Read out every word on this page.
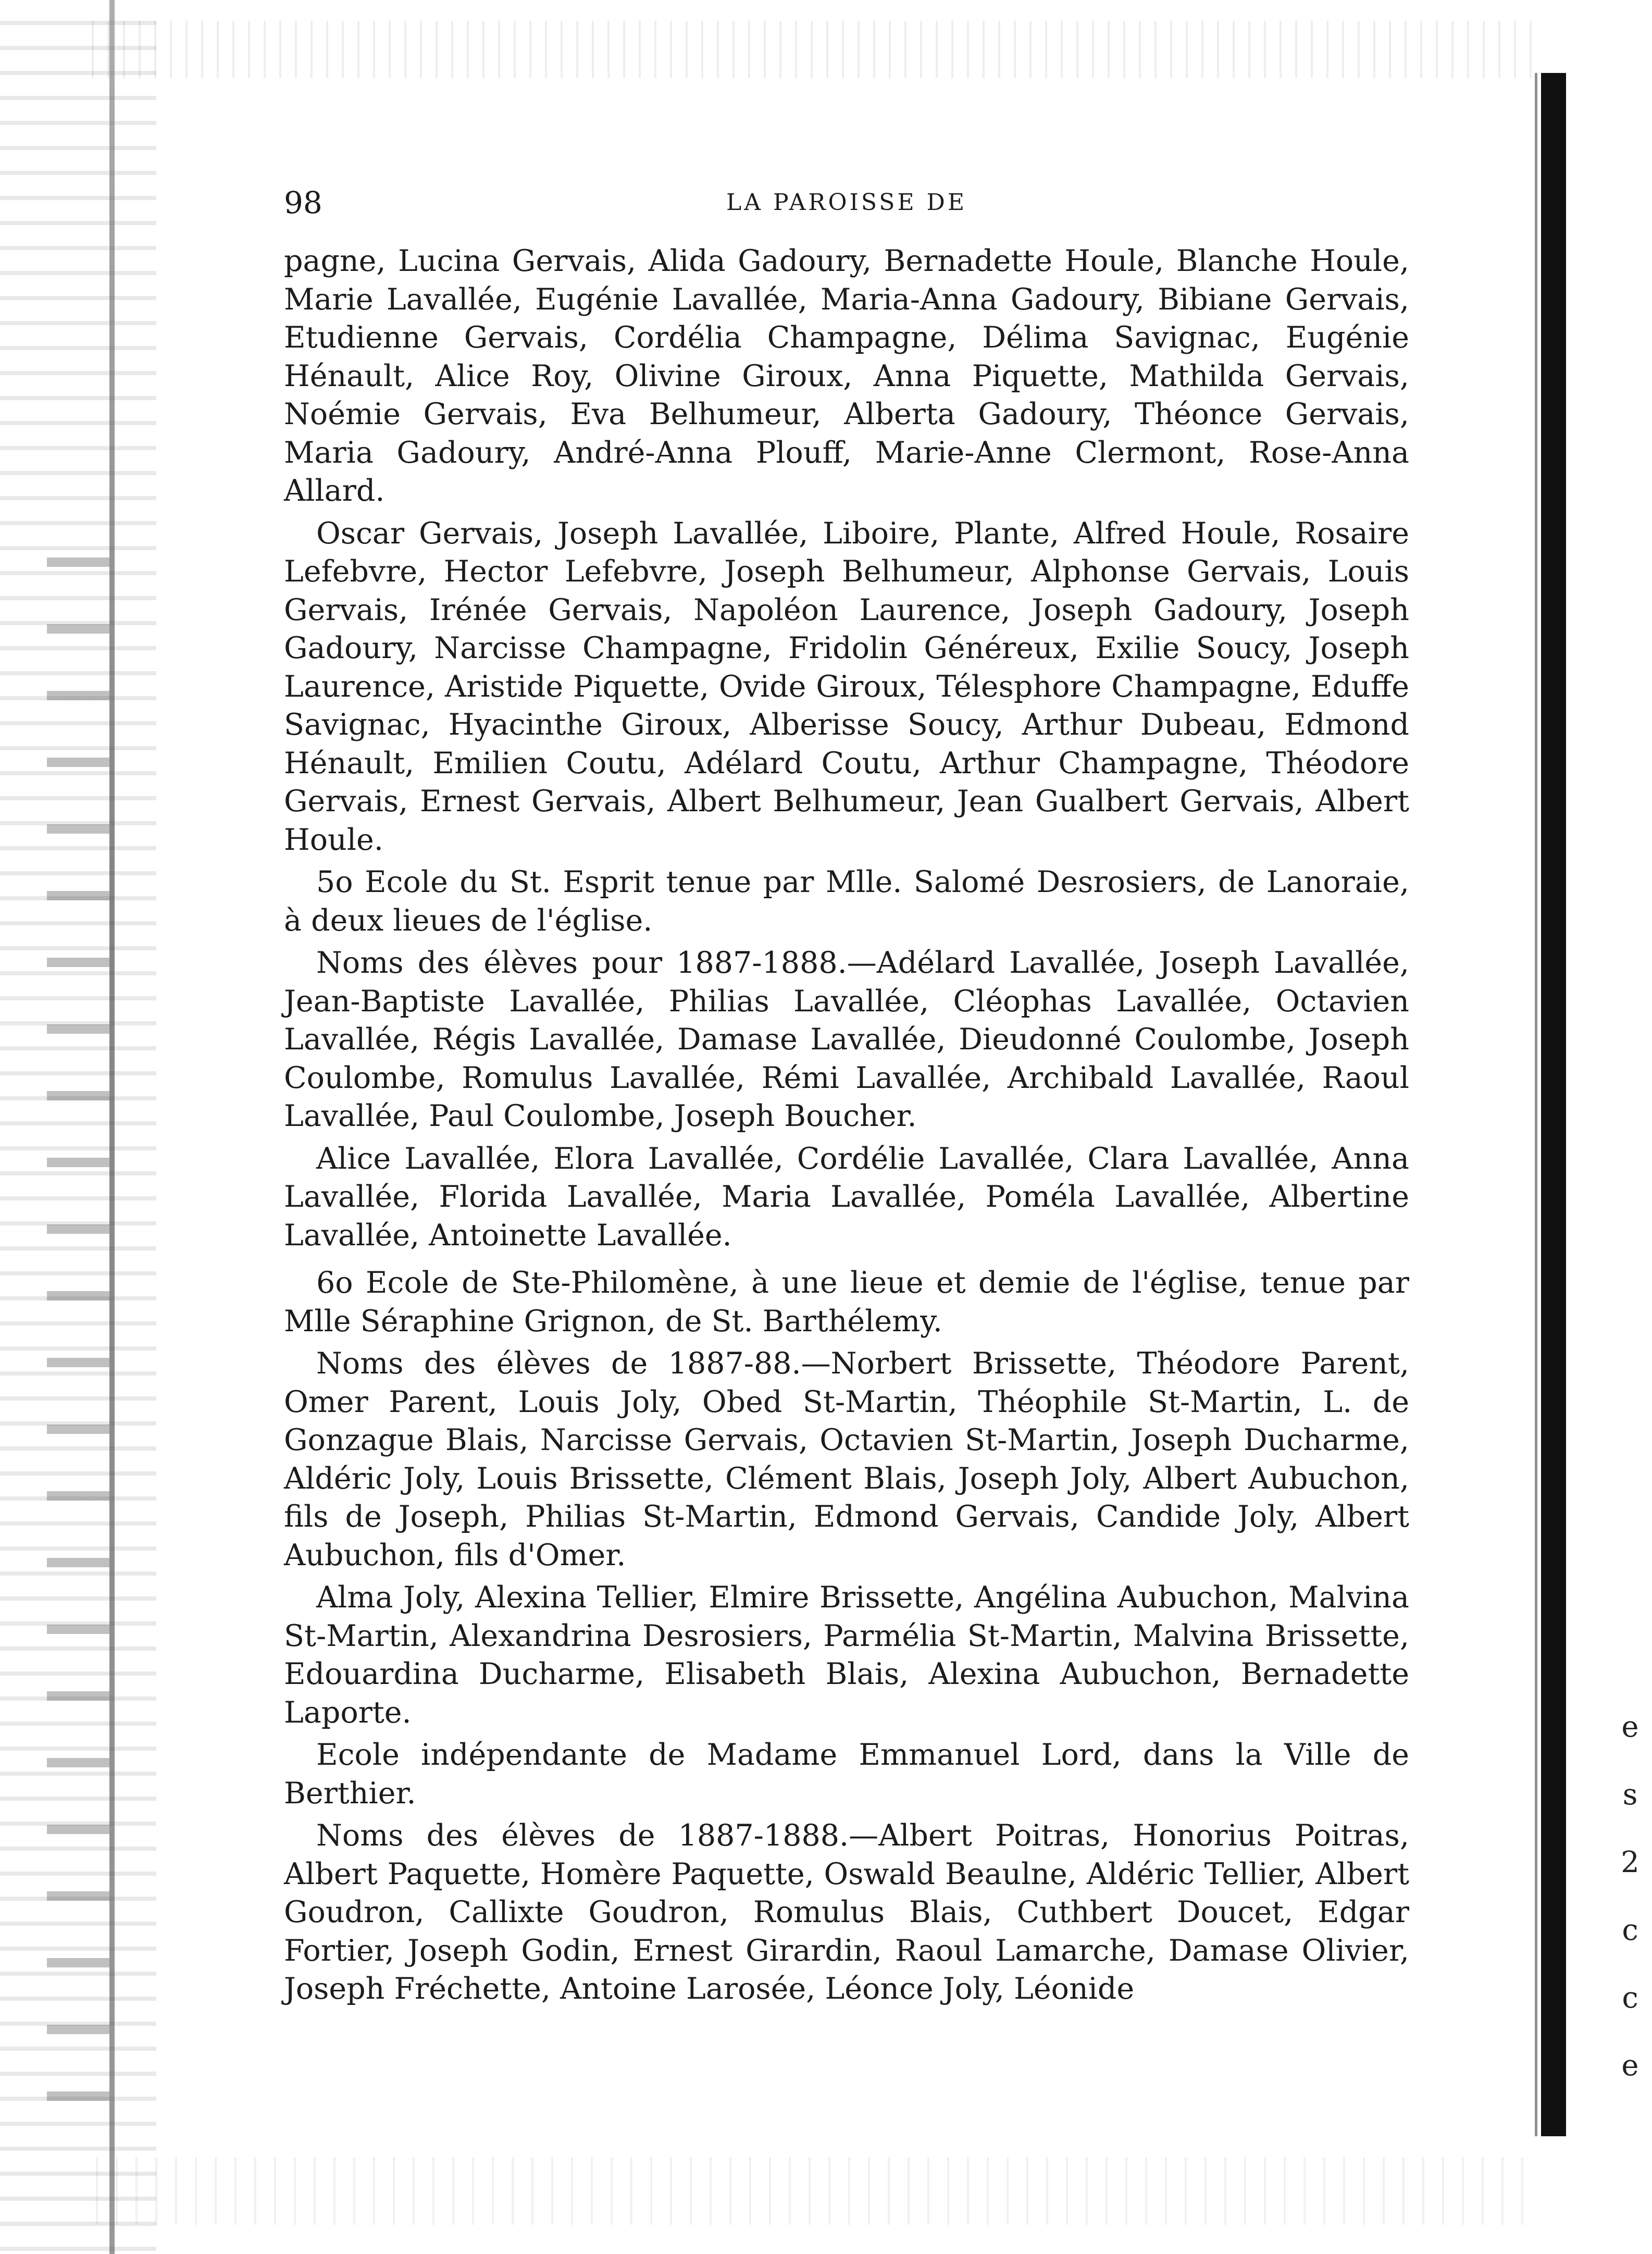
e
s
2
c
c
e
98	LA PAROISSE DE

pagne, Lucina Gervais, Alida Gadoury, Bernadette Houle, Blanche Houle, Marie Lavallée, Eugénie Lavallée, Maria-Anna Gadoury, Bibiane Gervais, Etudienne Gervais, Cordélia Champagne, Délima Savignac, Eugénie Hénault, Alice Roy, Olivine Giroux, Anna Piquette, Mathilda Gervais, Noémie Gervais, Eva Belhumeur, Alberta Gadoury, Théonce Gervais, Maria Gadoury, André-Anna Plouff, Marie-Anne Clermont, Rose-Anna Allard.

Oscar Gervais, Joseph Lavallée, Liboire, Plante, Alfred Houle, Rosaire Lefebvre, Hector Lefebvre, Joseph Belhumeur, Alphonse Gervais, Louis Gervais, Irénée Gervais, Napoléon Laurence, Joseph Gadoury, Joseph Gadoury, Narcisse Champagne, Fridolin Généreux, Exilie Soucy, Joseph Laurence, Aristide Piquette, Ovide Giroux, Télesphore Champagne, Eduffe Savignac, Hyacinthe Giroux, Alberisse Soucy, Arthur Dubeau, Edmond Hénault, Emilien Coutu, Adélard Coutu, Arthur Champagne, Théodore Gervais, Ernest Gervais, Albert Belhumeur, Jean Gualbert Gervais, Albert Houle.

5o Ecole du St. Esprit tenue par Mlle. Salomé Desrosiers, de Lanoraie, à deux lieues de l'église.

Noms des élèves pour 1887-1888.—Adélard Lavallée, Joseph Lavallée, Jean-Baptiste Lavallée, Philias Lavallée, Cléophas Lavallée, Octavien Lavallée, Régis Lavallée, Damase Lavallée, Dieudonné Coulombe, Joseph Coulombe, Romulus Lavallée, Rémi Lavallée, Archibald Lavallée, Raoul Lavallée, Paul Coulombe, Joseph Boucher.

Alice Lavallée, Elora Lavallée, Cordélie Lavallée, Clara Lavallée, Anna Lavallée, Florida Lavallée, Maria Lavallée, Poméla Lavallée, Albertine Lavallée, Antoinette Lavallée.

6o Ecole de Ste-Philomène, à une lieue et demie de l'église, tenue par Mlle Séraphine Grignon, de St. Barthélemy.

Noms des élèves de 1887-88.—Norbert Brissette, Théodore Parent, Omer Parent, Louis Joly, Obed St-Martin, Théophile St-Martin, L. de Gonzague Blais, Narcisse Gervais, Octavien St-Martin, Joseph Ducharme, Aldéric Joly, Louis Brissette, Clément Blais, Joseph Joly, Albert Aubuchon, fils de Joseph, Philias St-Martin, Edmond Gervais, Candide Joly, Albert Aubuchon, fils d'Omer.

Alma Joly, Alexina Tellier, Elmire Brissette, Angélina Aubuchon, Malvina St-Martin, Alexandrina Desrosiers, Parmélia St-Martin, Malvina Brissette, Edouardina Ducharme, Elisabeth Blais, Alexina Aubuchon, Bernadette Laporte.

Ecole indépendante de Madame Emmanuel Lord, dans la Ville de Berthier.

Noms des élèves de 1887-1888.—Albert Poitras, Honorius Poitras, Albert Paquette, Homère Paquette, Oswald Beaulne, Aldéric Tellier, Albert Goudron, Callixte Goudron, Romulus Blais, Cuthbert Doucet, Edgar Fortier, Joseph Godin, Ernest Girardin, Raoul Lamarche, Damase Olivier, Joseph Fréchette, Antoine Larosée, Léonce Joly, Léonide
